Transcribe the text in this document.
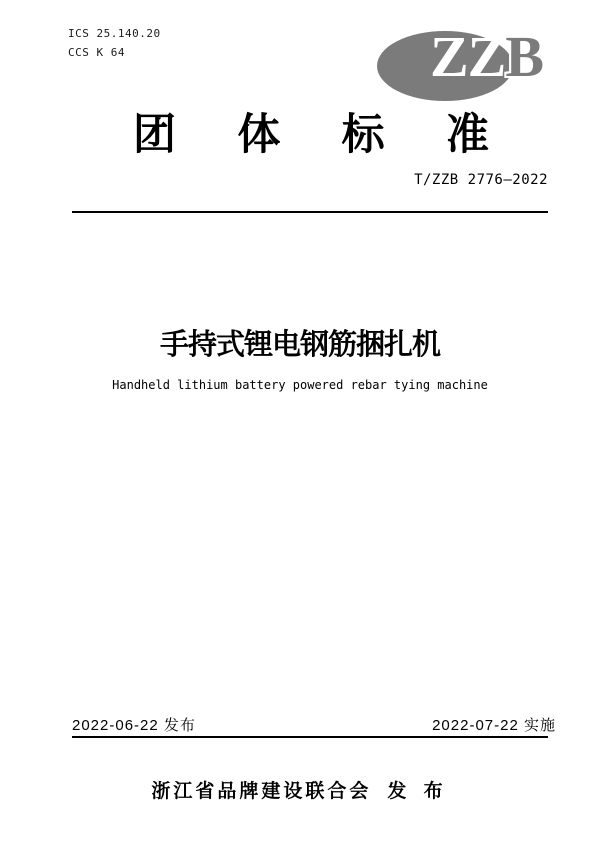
ICS 25.140.20
CCS K 64	ZZB
团 体 标 准
T/ZZB 2776—2022
手持式锂电钢筋捆扎机
Handheld lithium battery powered rebar tying machine
2022-06-22 发布	2022-07-22 实施
浙江省品牌建设联合会 发 布
